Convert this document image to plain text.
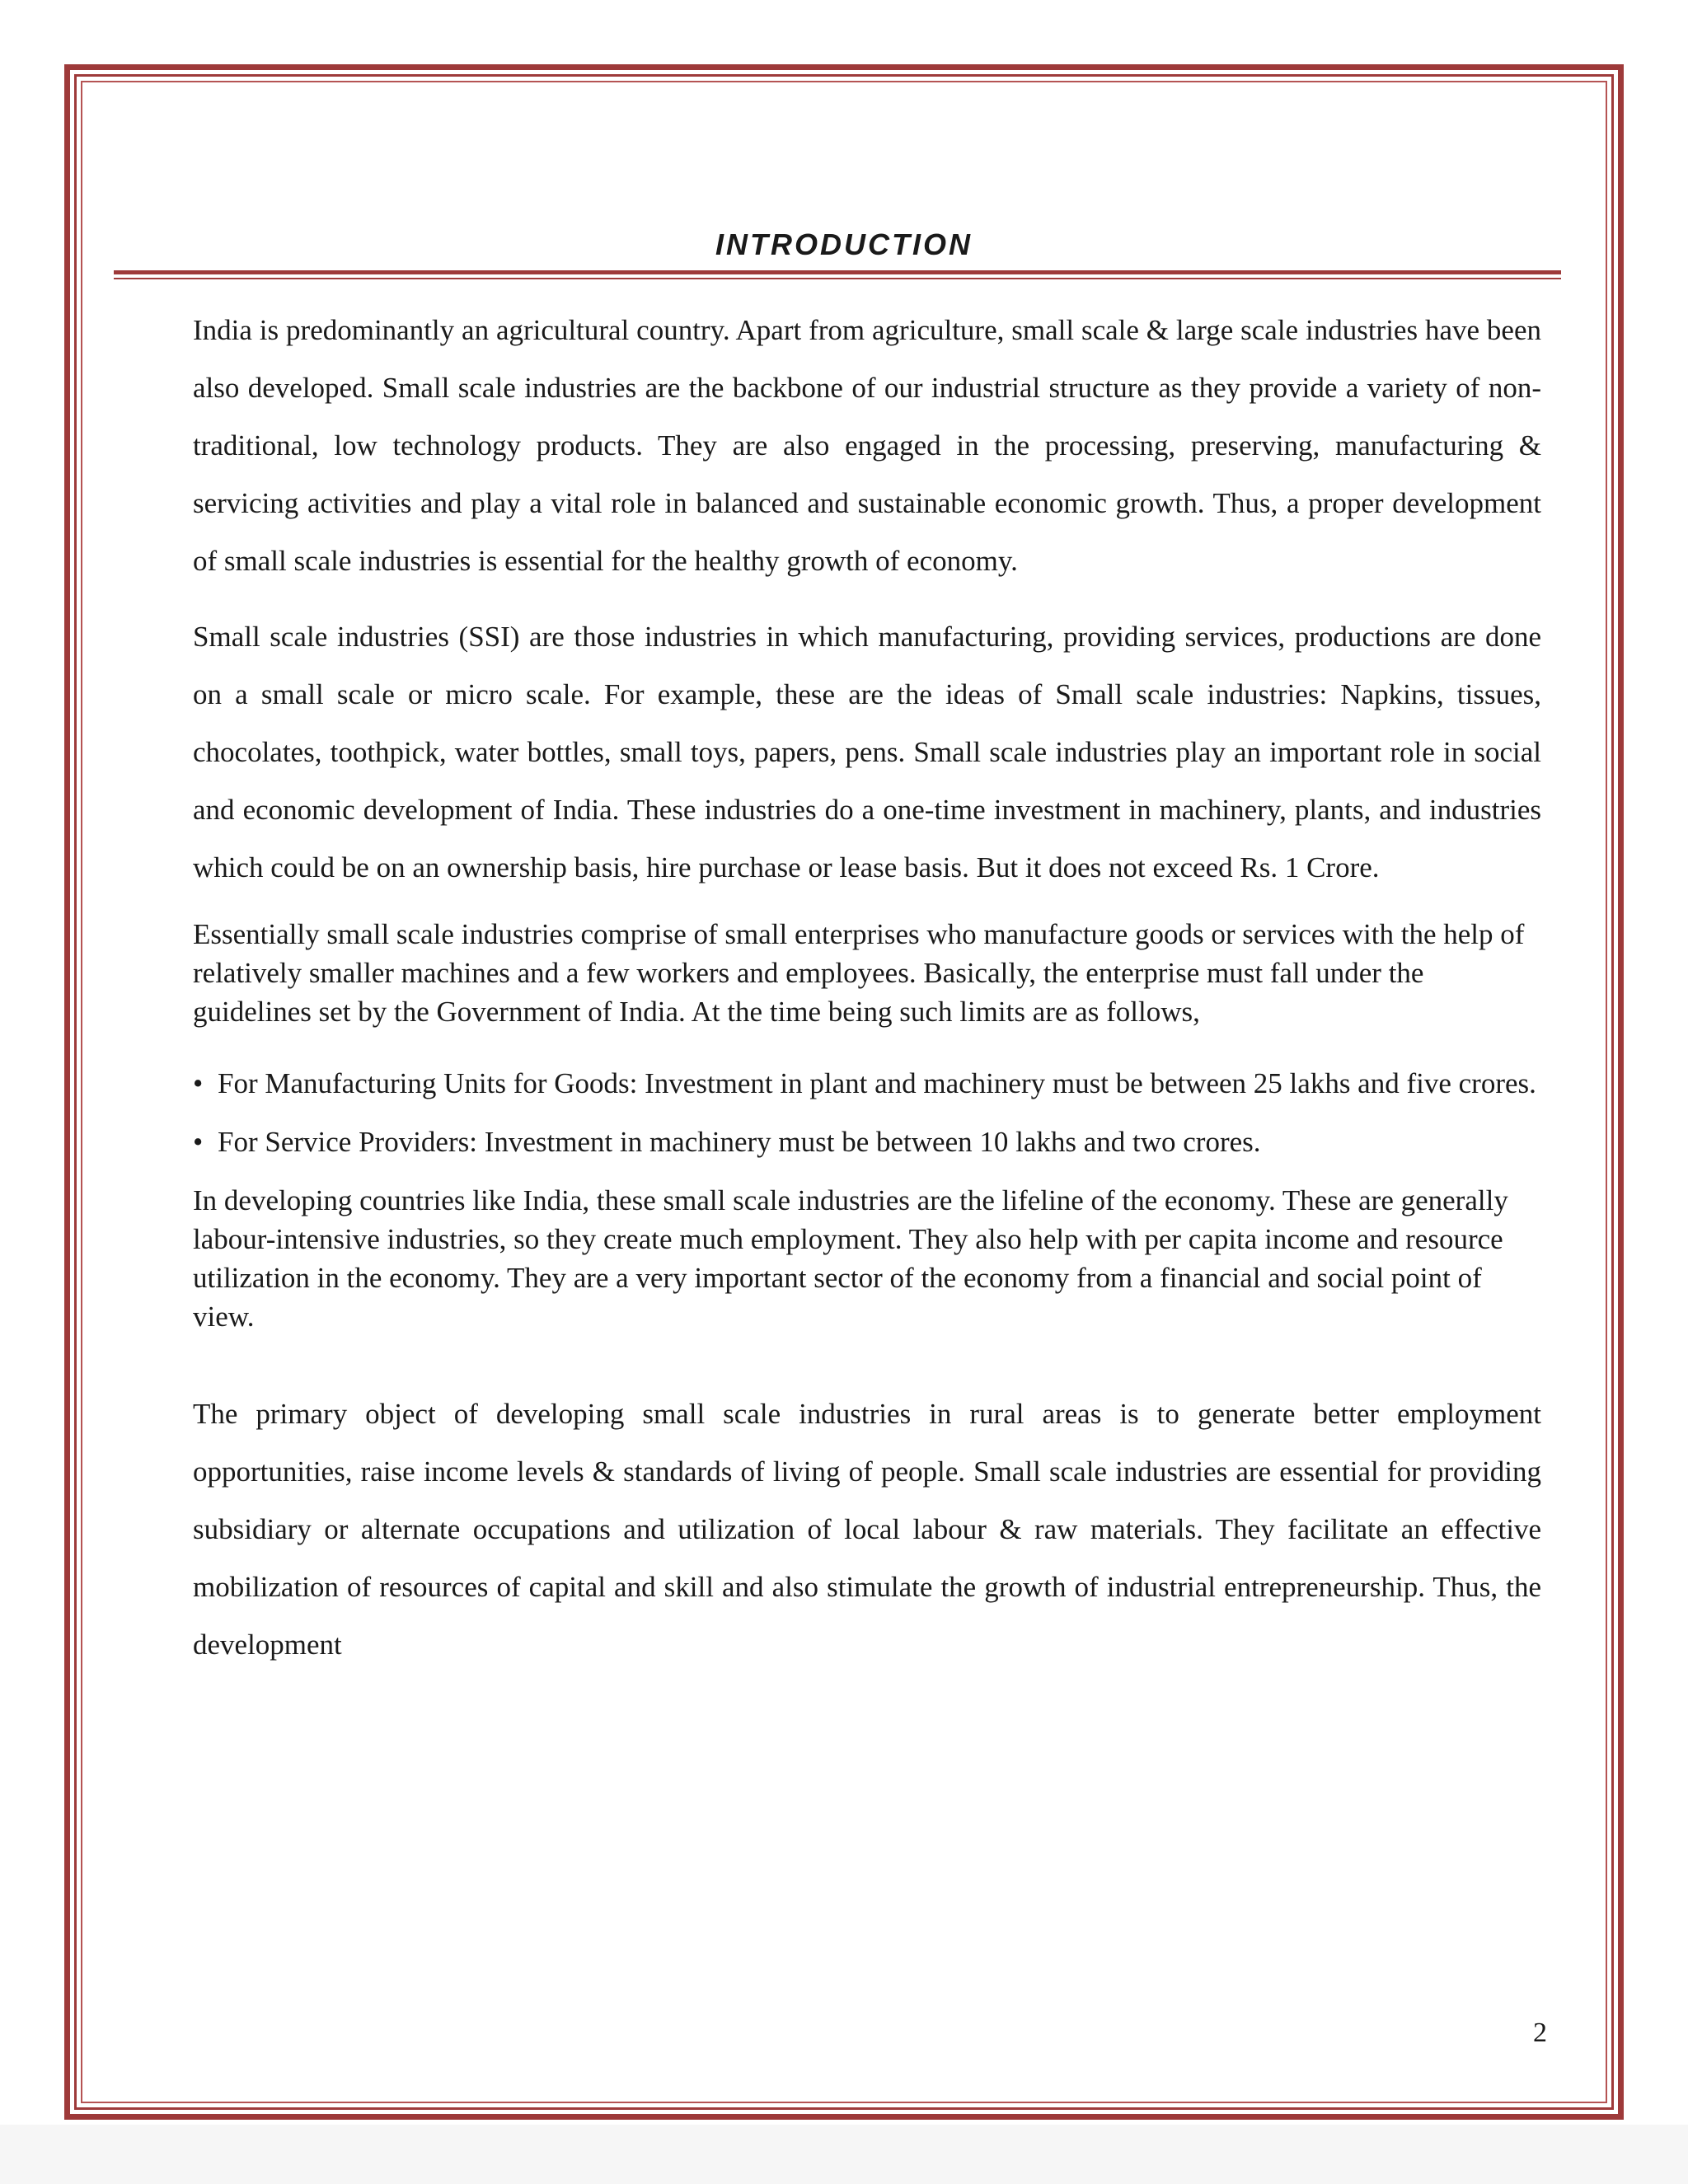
INTRODUCTION

India is predominantly an agricultural country. Apart from agriculture, small scale & large scale industries have been also developed. Small scale industries are the backbone of our industrial structure as they provide a variety of non-traditional, low technology products. They are also engaged in the processing, preserving, manufacturing & servicing activities and play a vital role in balanced and sustainable economic growth. Thus, a proper development of small scale industries is essential for the healthy growth of economy.

Small scale industries (SSI) are those industries in which manufacturing, providing services, productions are done on a small scale or micro scale. For example, these are the ideas of Small scale industries: Napkins, tissues, chocolates, toothpick, water bottles, small toys, papers, pens. Small scale industries play an important role in social and economic development of India. These industries do a one-time investment in machinery, plants, and industries which could be on an ownership basis, hire purchase or lease basis. But it does not exceed Rs. 1 Crore.

Essentially small scale industries comprise of small enterprises who manufacture goods or services with the help of relatively smaller machines and a few workers and employees. Basically, the enterprise must fall under the guidelines set by the Government of India. At the time being such limits are as follows,

• For Manufacturing Units for Goods: Investment in plant and machinery must be between 25 lakhs and five crores.
• For Service Providers: Investment in machinery must be between 10 lakhs and two crores.

In developing countries like India, these small scale industries are the lifeline of the economy. These are generally labour-intensive industries, so they create much employment. They also help with per capita income and resource utilization in the economy. They are a very important sector of the economy from a financial and social point of view.

The primary object of developing small scale industries in rural areas is to generate better employment opportunities, raise income levels & standards of living of people. Small scale industries are essential for providing subsidiary or alternate occupations and utilization of local labour & raw materials. They facilitate an effective mobilization of resources of capital and skill and also stimulate the growth of industrial entrepreneurship. Thus, the development

2
